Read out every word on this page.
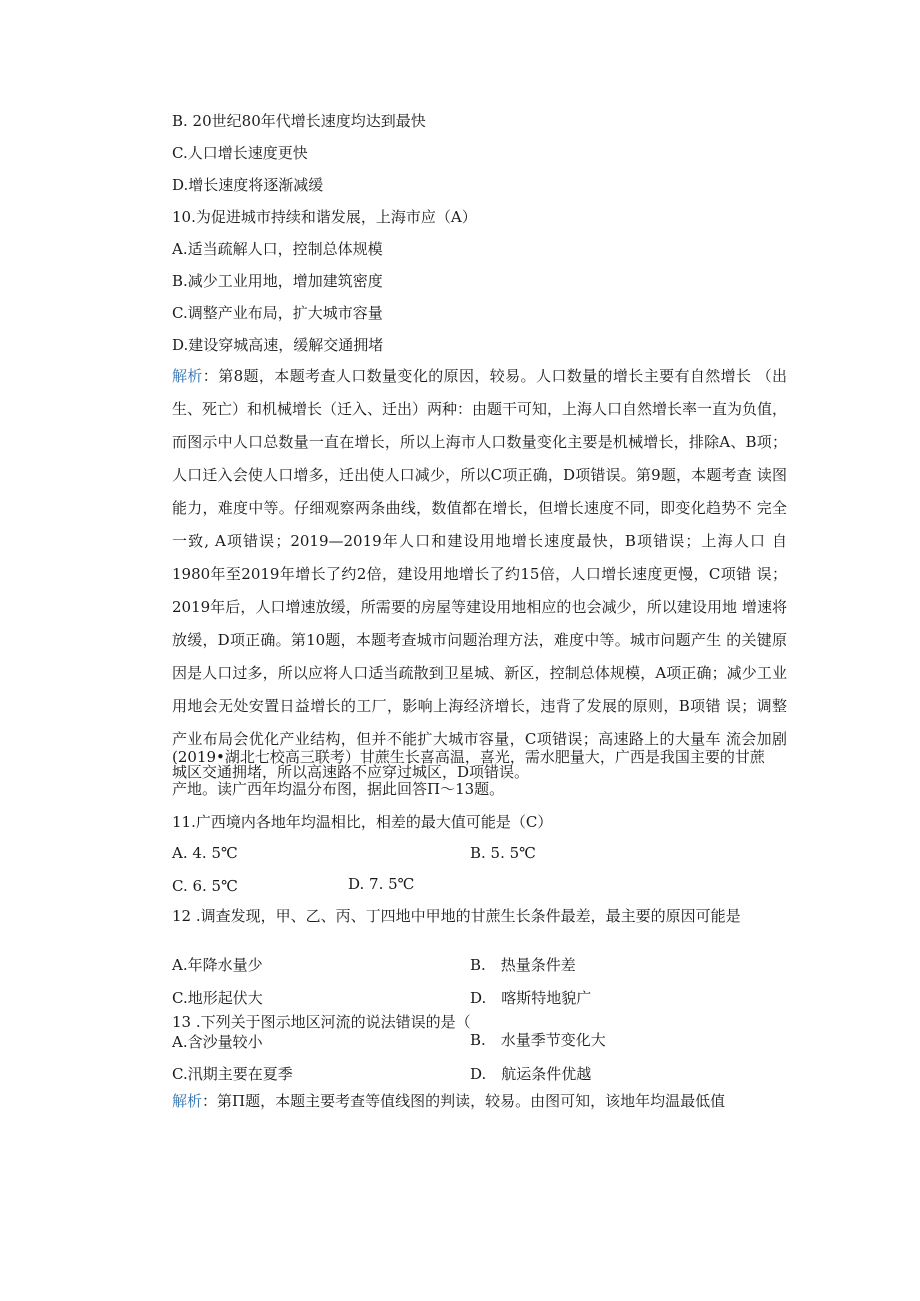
B. 20世纪80年代增长速度均达到最快
C.人口增长速度更快
D.增长速度将逐渐减缓
10.为促进城市持续和谐发展，上海市应（A）
A.适当疏解人口，控制总体规模
B.减少工业用地，增加建筑密度
C.调整产业布局，扩大城市容量
D.建设穿城高速，缓解交通拥堵
解析：第8题，本题考查人口数量变化的原因，较易。人口数量的增长主要有自然增长 （出生、死亡）和机械增长（迁入、迁出）两种：由题干可知，上海人口自然增长率一直为负值，而图示中人口总数量一直在增长，所以上海市人口数量变化主要是机械增长，排除A、B项；人口迁入会使人口增多，迁出使人口减少，所以C项正确，D项错误。第9题，本题考查 读图能力，难度中等。仔细观察两条曲线，数值都在增长，但增长速度不同，即变化趋势不 完全一致, A项错误；2019—2019年人口和建设用地增长速度最快，B项错误；上海人口 自1980年至2019年增长了约2倍，建设用地增长了约15倍，人口增长速度更慢，C项错 误；2019年后，人口增速放缓，所需要的房屋等建设用地相应的也会减少，所以建设用地 增速将放缓，D项正确。第10题，本题考查城市问题治理方法，难度中等。城市问题产生 的关键原因是人口过多，所以应将人口适当疏散到卫星城、新区，控制总体规模，A项正确；减少工业用地会无处安置日益增长的工厂，影响上海经济增长，违背了发展的原则，B项错 误；调整产业布局会优化产业结构，但并不能扩大城市容量，C项错误；高速路上的大量车 流会加剧城区交通拥堵，所以高速路不应穿过城区，D项错误。
(2019•湖北七校高三联考）甘蔗生长喜高温，喜光，需水肥量大，广西是我国主要的甘蔗
产地。读广西年均温分布图，据此回答Π～13题。
11.广西境内各地年均温相比，相差的最大值可能是（C）
A. 4. 5℃	B. 5. 5℃
C. 6. 5℃	D. 7. 5℃
12 .调查发现，甲、乙、丙、丁四地中甲地的甘蔗生长条件最差，最主要的原因可能是
A.年降水量少	B.　热量条件差
C.地形起伏大	D.　喀斯特地貌广
13 .下列关于图示地区河流的说法错误的是（
A.含沙量较小	B.　水量季节变化大
C.汛期主要在夏季	D.　航运条件优越
解析：第Π题，本题主要考查等值线图的判读，较易。由图可知，该地年均温最低值
